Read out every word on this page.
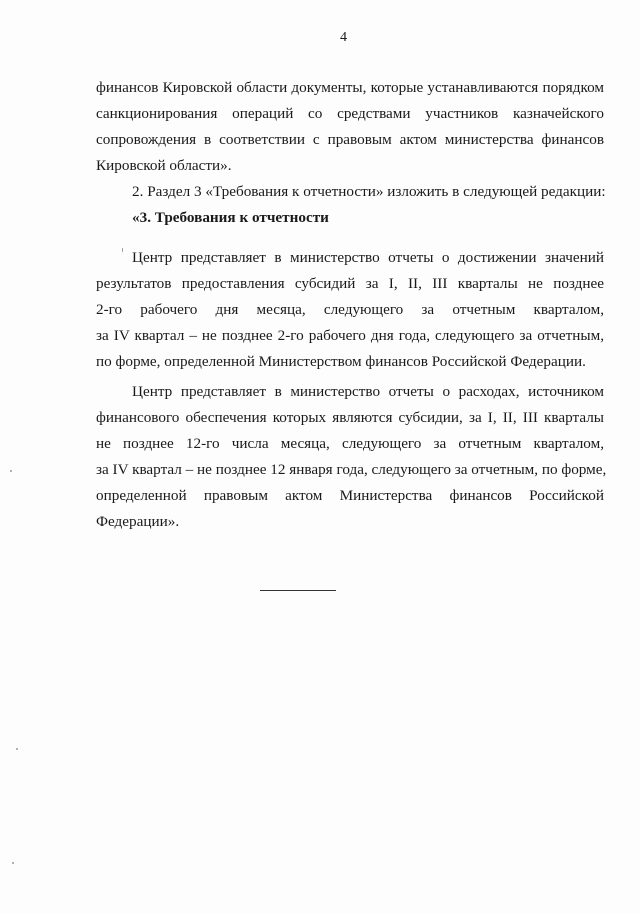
4
финансов Кировской области документы, которые устанавливаются порядком
санкционирования операций со средствами участников казначейского
сопровождения в соответствии с правовым актом министерства финансов
Кировской области».
2. Раздел 3 «Требования к отчетности» изложить в следующей редакции:
«3. Требования к отчетности
Центр представляет в министерство отчеты о достижении значений
результатов предоставления субсидий за I, II, III кварталы не позднее
2-го рабочего дня месяца, следующего за отчетным кварталом,
за IV квартал – не позднее 2-го рабочего дня года, следующего за отчетным,
по форме, определенной Министерством финансов Российской Федерации.
Центр представляет в министерство отчеты о расходах, источником
финансового обеспечения которых являются субсидии, за I, II, III кварталы
не позднее 12-го числа месяца, следующего за отчетным кварталом,
за IV квартал – не позднее 12 января года, следующего за отчетным, по форме,
определенной правовым актом Министерства финансов Российской
Федерации».
